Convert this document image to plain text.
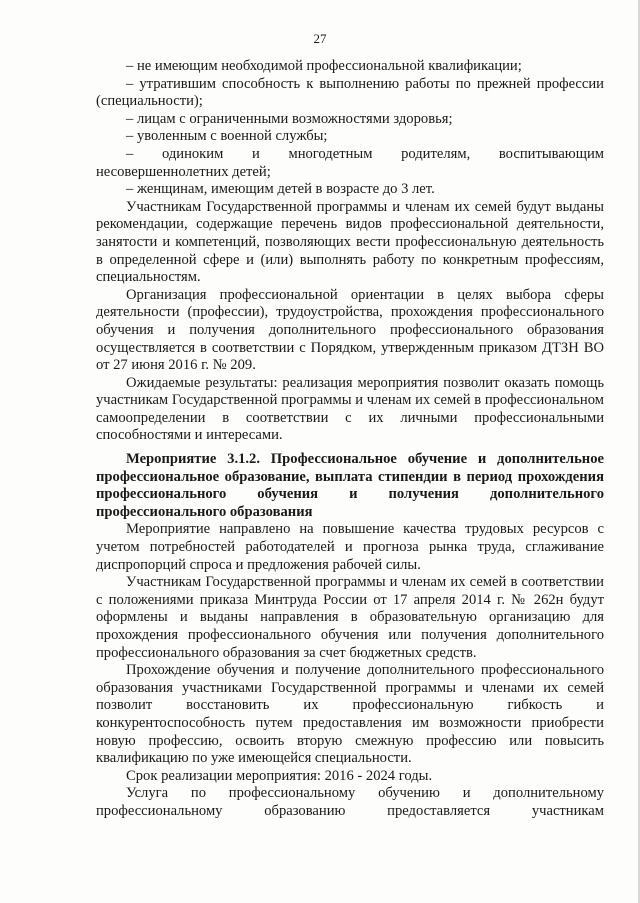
27

– не имеющим необходимой профессиональной квалификации;

– утратившим способность к выполнению работы по прежней профессии (специальности);

– лицам с ограниченными возможностями здоровья;

– уволенным с военной службы;

– одиноким и многодетным родителям, воспитывающим несовершеннолетних детей;

– женщинам, имеющим детей в возрасте до 3 лет.

Участникам Государственной программы и членам их семей будут выданы рекомендации, содержащие перечень видов профессиональной деятельности, занятости и компетенций, позволяющих вести профессиональную деятельность в определенной сфере и (или) выполнять работу по конкретным профессиям, специальностям.

Организация профессиональной ориентации в целях выбора сферы деятельности (профессии), трудоустройства, прохождения профессионального обучения и получения дополнительного профессионального образования осуществляется в соответствии с Порядком, утвержденным приказом ДТЗН ВО от 27 июня 2016 г. № 209.

Ожидаемые результаты: реализация мероприятия позволит оказать помощь участникам Государственной программы и членам их семей в профессиональном самоопределении в соответствии с их личными профессиональными способностями и интересами.

Мероприятие 3.1.2. Профессиональное обучение и дополнительное профессиональное образование, выплата стипендии в период прохождения профессионального обучения и получения дополнительного профессионального образования

Мероприятие направлено на повышение качества трудовых ресурсов с учетом потребностей работодателей и прогноза рынка труда, сглаживание диспропорций спроса и предложения рабочей силы.

Участникам Государственной программы и членам их семей в соответствии с положениями приказа Минтруда России от 17 апреля 2014 г. № 262н будут оформлены и выданы направления в образовательную организацию для прохождения профессионального обучения или получения дополнительного профессионального образования за счет бюджетных средств.

Прохождение обучения и получение дополнительного профессионального образования участниками Государственной программы и членами их семей позволит восстановить их профессиональную гибкость и конкурентоспособность путем предоставления им возможности приобрести новую профессию, освоить вторую смежную профессию или повысить квалификацию по уже имеющейся специальности.

Срок реализации мероприятия: 2016 - 2024 годы.

Услуга по профессиональному обучению и дополнительному профессиональному образованию предоставляется участникам
